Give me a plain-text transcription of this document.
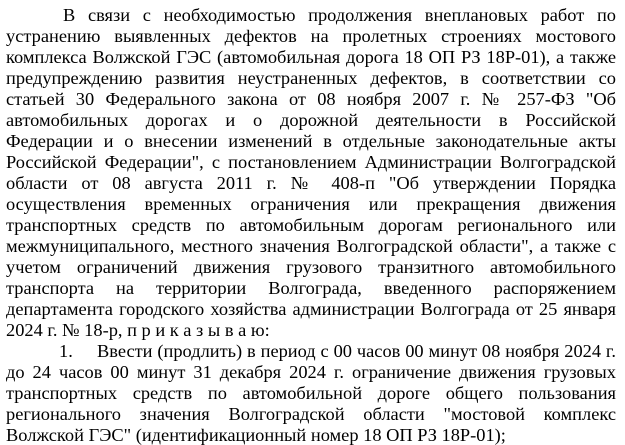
В связи с необходимостью продолжения внеплановых работ по

устранению выявленных дефектов на пролетных строениях мостового

комплекса Волжской ГЭС (автомобильная дорога 18 ОП РЗ 18Р-01), а также

предупреждению развития неустраненных дефектов, в соответствии со

статьей 30 Федерального закона от 08 ноября 2007 г. № 257-ФЗ "Об

автомобильных дорогах и о дорожной деятельности в Российской

Федерации и о внесении изменений в отдельные законодательные акты

Российской Федерации", с постановлением Администрации Волгоградской

области от 08 августа 2011 г. № 408-п "Об утверждении Порядка

осуществления временных ограничения или прекращения движения

транспортных средств по автомобильным дорогам регионального или

межмуниципального, местного значения Волгоградской области", а также с

учетом ограничений движения грузового транзитного автомобильного

транспорта на территории Волгограда, введенного распоряжением

департамента городского хозяйства администрации Волгограда от 25 января

2024 г. № 18-р, п р и к а з ы в а ю:

1. Ввести (продлить) в период с 00 часов 00 минут 08 ноября 2024 г.

до 24 часов 00 минут 31 декабря 2024 г. ограничение движения грузовых

транспортных средств по автомобильной дороге общего пользования

регионального значения Волгоградской области "мостовой комплекс

Волжской ГЭС" (идентификационный номер 18 ОП РЗ 18Р-01);
